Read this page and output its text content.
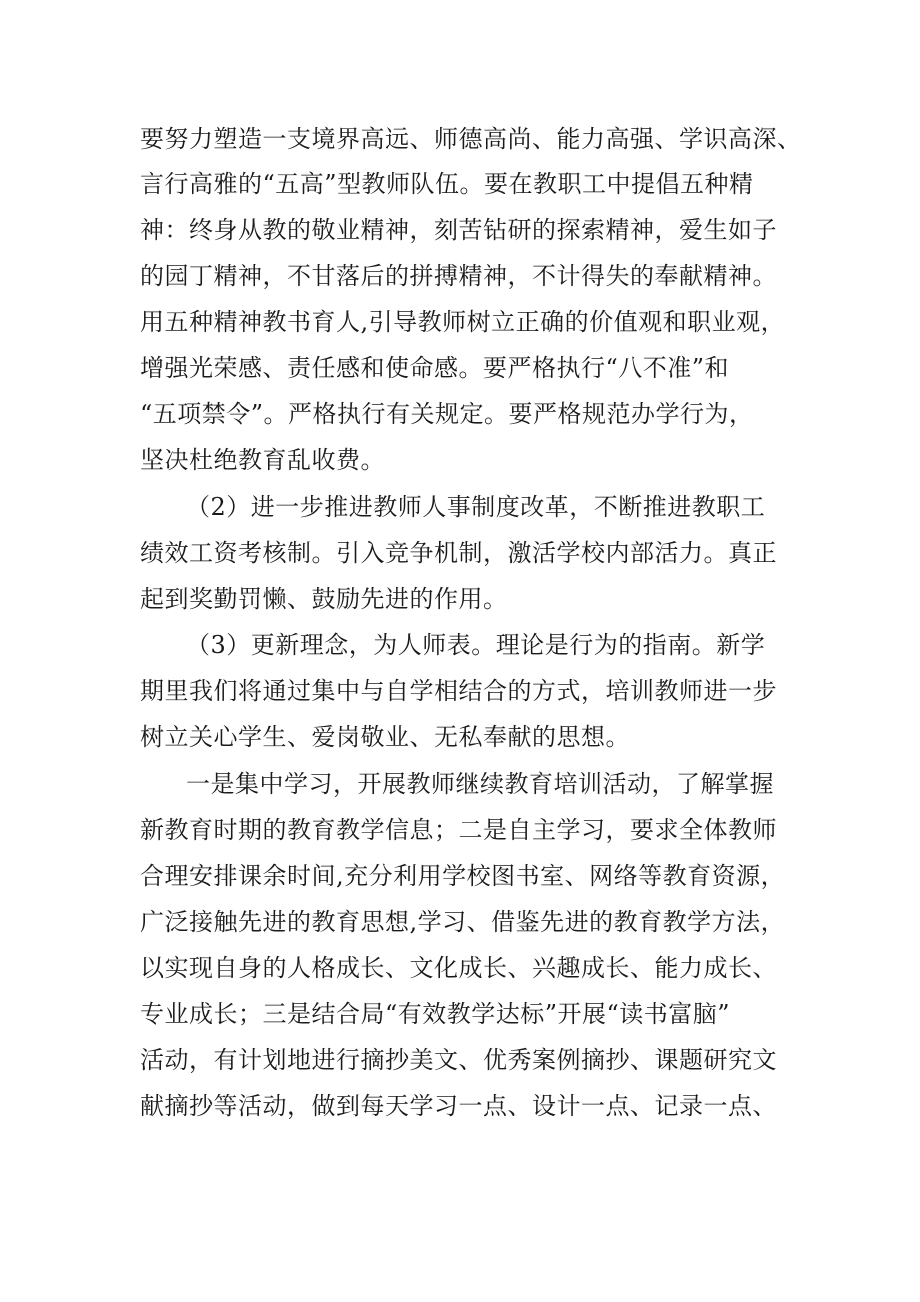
要努力塑造一支境界高远、师德高尚、能力高强、学识高深、
言行高雅的“五高”型教师队伍。要在教职工中提倡五种精
神：终身从教的敬业精神，刻苦钻研的探索精神，爱生如子
的园丁精神，不甘落后的拼搏精神，不计得失的奉献精神。
用五种精神教书育人,引导教师树立正确的价值观和职业观，
增强光荣感、责任感和使命感。要严格执行“八不准”和
“五项禁令”。严格执行有关规定。要严格规范办学行为，
坚决杜绝教育乱收费。
（2）进一步推进教师人事制度改革，不断推进教职工
绩效工资考核制。引入竞争机制，激活学校内部活力。真正
起到奖勤罚懒、鼓励先进的作用。
（3）更新理念，为人师表。理论是行为的指南。新学
期里我们将通过集中与自学相结合的方式，培训教师进一步
树立关心学生、爱岗敬业、无私奉献的思想。
一是集中学习，开展教师继续教育培训活动，了解掌握
新教育时期的教育教学信息；二是自主学习，要求全体教师
合理安排课余时间,充分利用学校图书室、网络等教育资源，
广泛接触先进的教育思想,学习、借鉴先进的教育教学方法，
以实现自身的人格成长、文化成长、兴趣成长、能力成长、
专业成长；三是结合局“有效教学达标”开展“读书富脑”
活动，有计划地进行摘抄美文、优秀案例摘抄、课题研究文
献摘抄等活动，做到每天学习一点、设计一点、记录一点、
